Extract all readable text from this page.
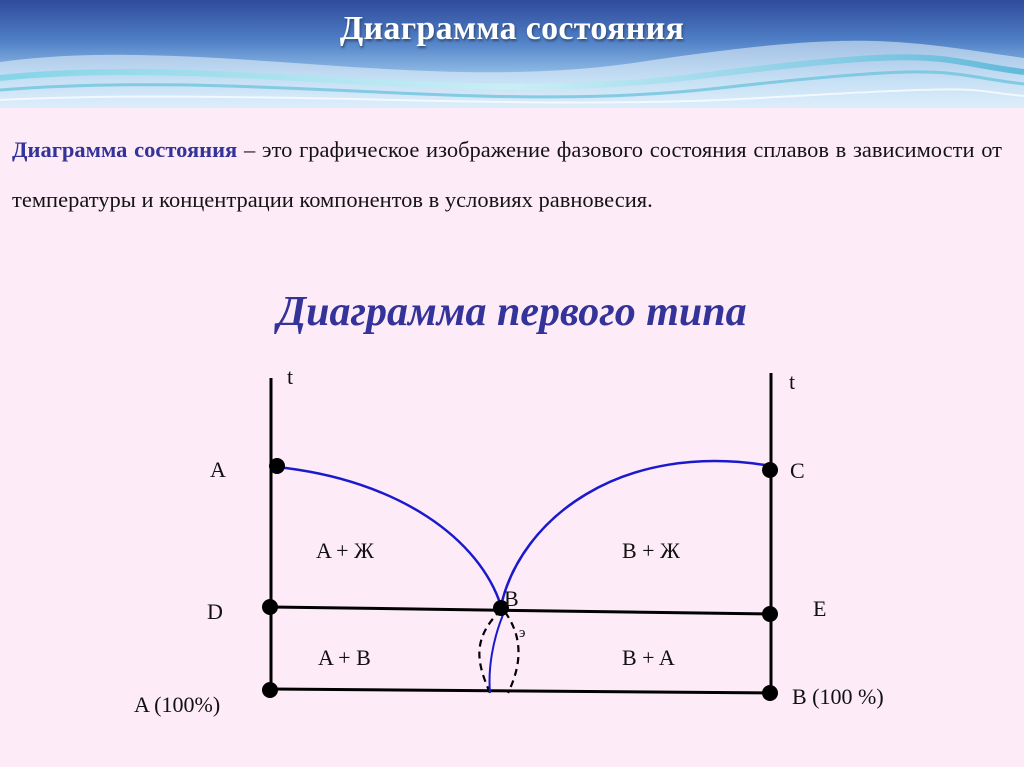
Диаграмма состояния
Диаграмма состояния – это графическое изображение фазового состояния сплавов в зависимости от температуры и концентрации компонентов в условиях равновесия.
Диаграмма первого типа
t	t
A	C
D	E
B
э
A (100%)	B (100 %)
A + Ж	B + Ж
A + B	B + A
